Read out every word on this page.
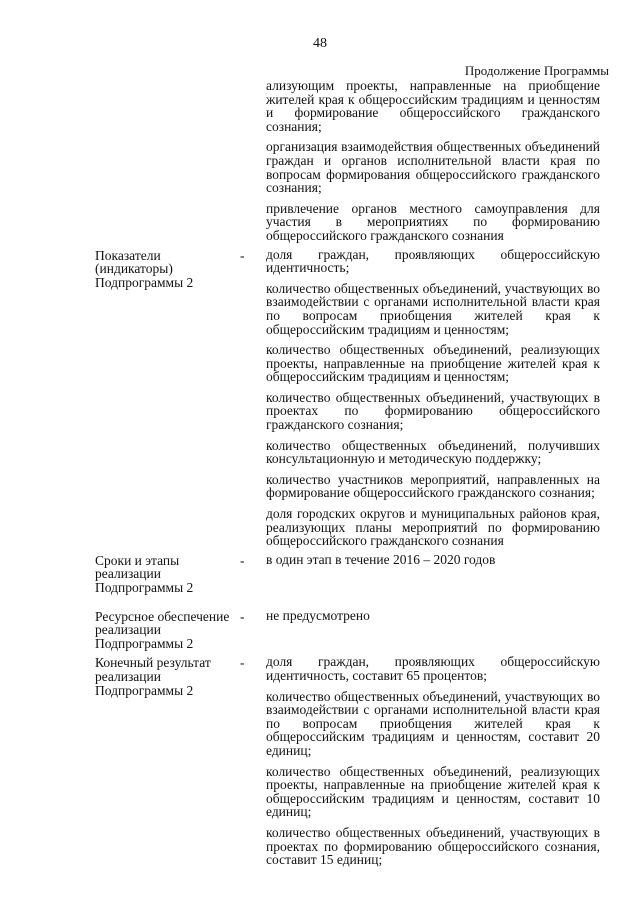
48
Продолжение Программы

ализующим проекты, направленные на приобщение жителей края к общероссийским традициям и ценностям и формирование общероссийского гражданского сознания;

организация взаимодействия общественных объединений граждан и органов исполнительной власти края по вопросам формирования общероссийского гражданского сознания;

привлечение органов местного самоуправления для участия в мероприятиях по формированию общероссийского гражданского сознания

Показатели (индикаторы) Подпрограммы 2
-	доля граждан, проявляющих общероссийскую идентичность;

количество общественных объединений, участвующих во взаимодействии с органами исполнительной власти края по вопросам приобщения жителей края к общероссийским традициям и ценностям;

количество общественных объединений, реализующих проекты, направленные на приобщение жителей края к общероссийским традициям и ценностям;

количество общественных объединений, участвующих в проектах по формированию общероссийского гражданского сознания;

количество общественных объединений, получивших консультационную и методическую поддержку;

количество участников мероприятий, направленных на формирование общероссийского гражданского сознания;

доля городских округов и муниципальных районов края, реализующих планы мероприятий по формированию общероссийского гражданского сознания

Сроки и этапы реализации Подпрограммы 2
-	в один этап в течение 2016 – 2020 годов

Ресурсное обеспечение реализации Подпрограммы 2
-	не предусмотрено

Конечный результат реализации Подпрограммы 2
-	доля граждан, проявляющих общероссийскую идентичность, составит 65 процентов;

количество общественных объединений, участвующих во взаимодействии с органами исполнительной власти края по вопросам приобщения жителей края к общероссийским традициям и ценностям, составит 20 единиц;

количество общественных объединений, реализующих проекты, направленные на приобщение жителей края к общероссийским традициям и ценностям, составит 10 единиц;

количество общественных объединений, участвующих в проектах по формированию общероссийского сознания, составит 15 единиц;
